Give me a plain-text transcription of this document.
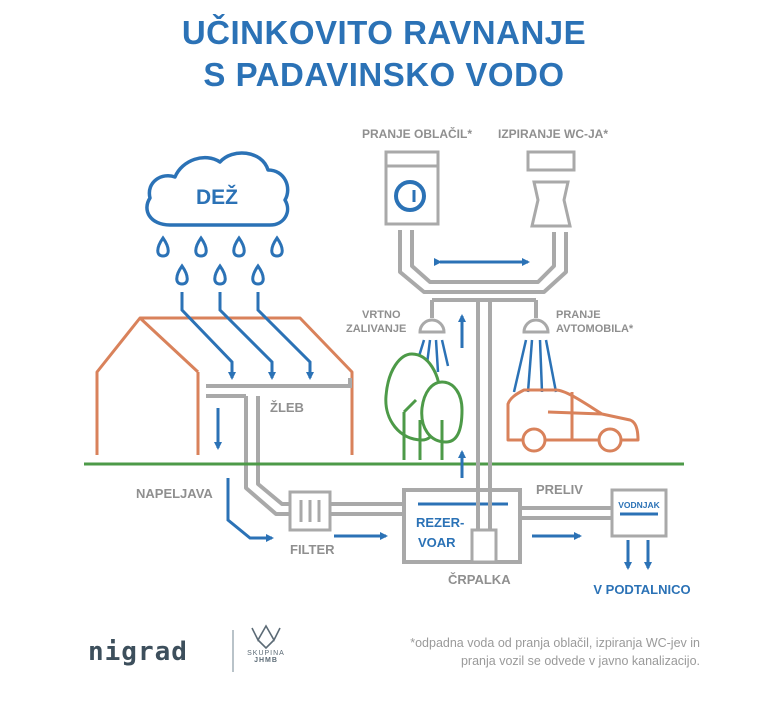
UČINKOVITO RAVNANJE
S PADAVINSKO VODO
DEŽ
ŽLEB
NAPELJAVA
FILTER
REZER-
VOAR
ČRPALKA
PRANJE OBLAČIL* IZPIRANJE WC-JA*
VRTNO
ZALIVANJE
PRANJE
AVTOMOBILA*
PRELIV
VODNJAK
V PODTALNICO
nigrad	SKUPINA
JHMB
*odpadna voda od pranja oblačil, izpiranja WC-jev in
pranja vozil se odvede v javno kanalizacijo.
